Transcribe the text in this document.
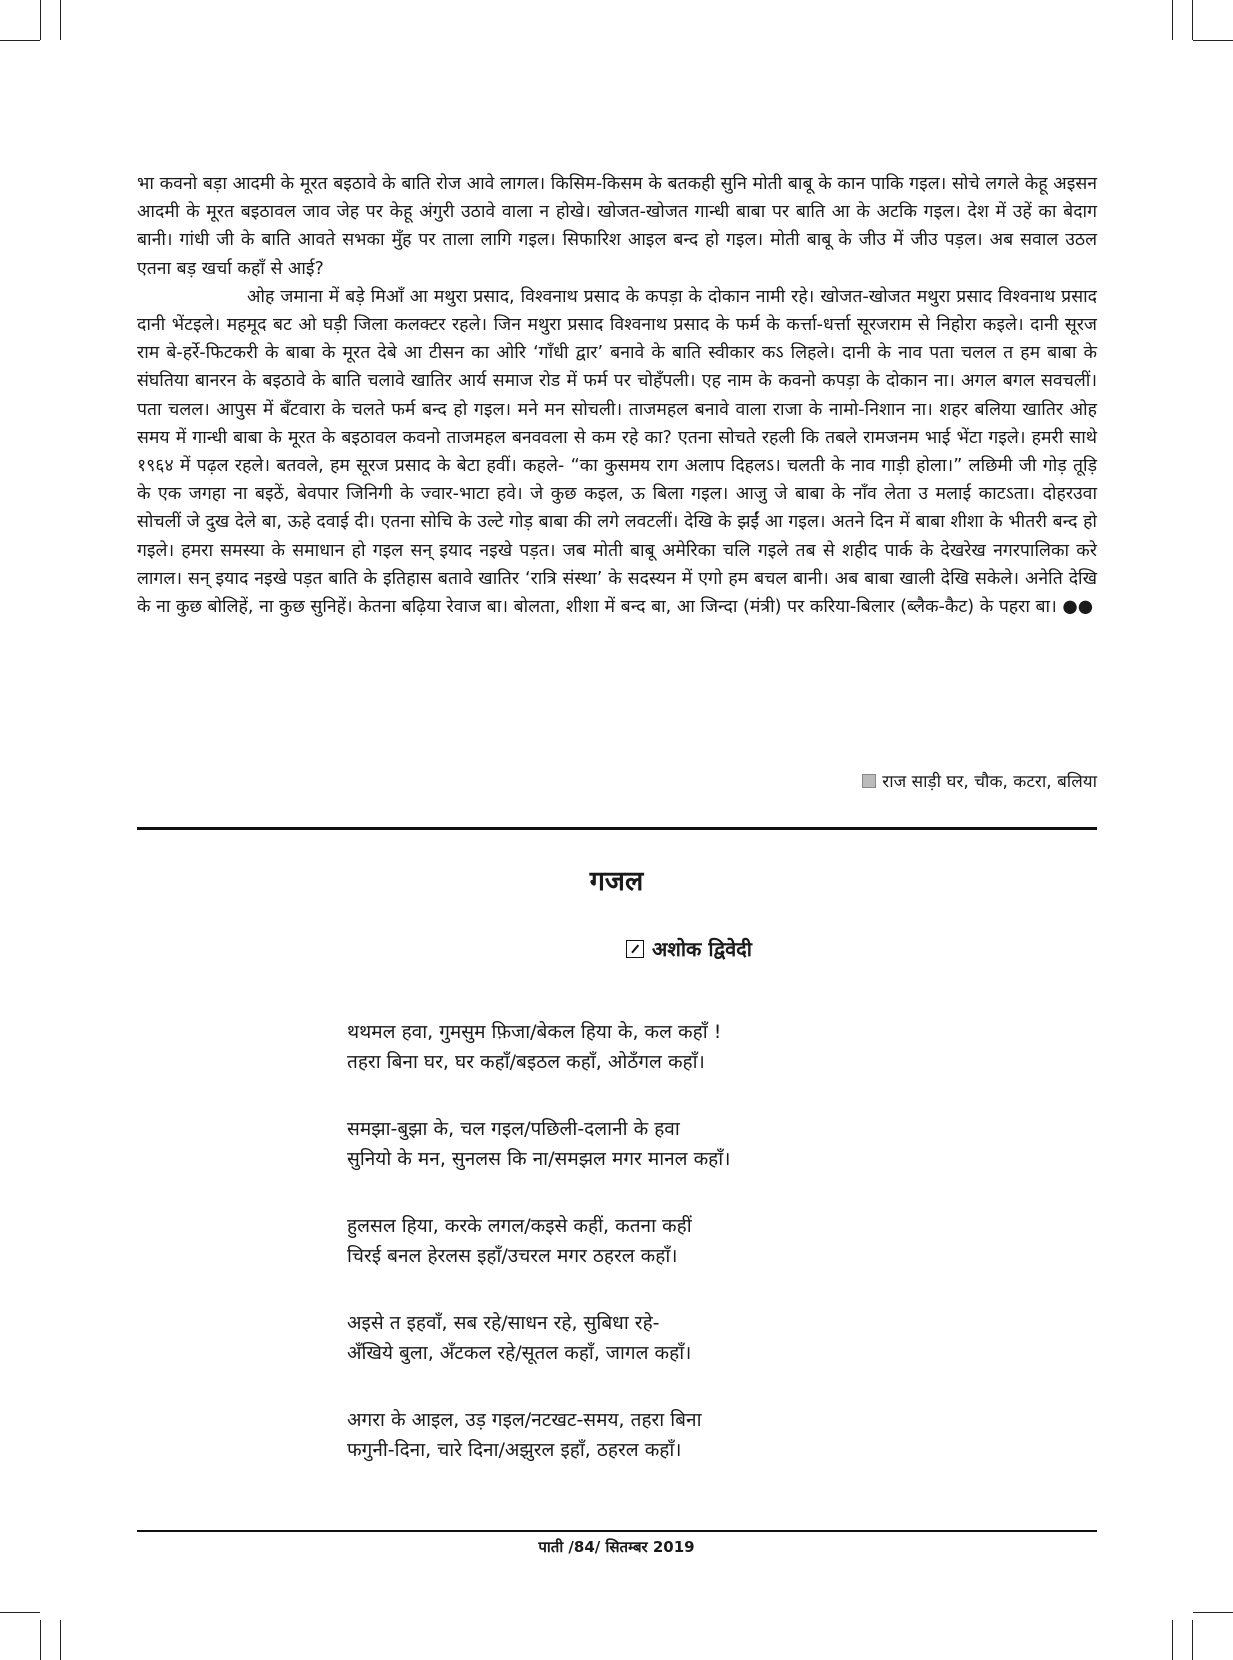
भा कवनो बड़ा आदमी के मूरत बइठावे के बाति रोज आवे लागल। किसिम-किसम के बतकही सुनि मोती बाबू के कान पाकि गइल। सोचे लगले केहू अइसन आदमी के मूरत बइठावल जाव जेह पर केहू अंगुरी उठावे वाला न होखे। खोजत-खोजत गान्धी बाबा पर बाति आ के अटकि गइल। देश में उहें का बेदाग बानी। गांधी जी के बाति आवते सभका मुँह पर ताला लागि गइल। सिफारिश आइल बन्द हो गइल। मोती बाबू के जीउ में जीउ पड़ल। अब सवाल उठल एतना बड़ खर्चा कहाँ से आई?

ओह जमाना में बड़े मिआँ आ मथुरा प्रसाद, विश्वनाथ प्रसाद के कपड़ा के दोकान नामी रहे। खोजत-खोजत मथुरा प्रसाद विश्वनाथ प्रसाद दानी भेंटइले। महमूद बट ओ घड़ी जिला कलक्टर रहले। जिन मथुरा प्रसाद विश्वनाथ प्रसाद के फर्म के कर्त्ता-धर्त्ता सूरजराम से निहोरा कइले। दानी सूरज राम बे-हर्रे-फिटकरी के बाबा के मूरत देबे आ टीसन का ओरि ‘गाँधी द्वार’ बनावे के बाति स्वीकार कऽ लिहले। दानी के नाव पता चलल त हम बाबा के संघतिया बानरन के बइठावे के बाति चलावे खातिर आर्य समाज रोड में फर्म पर चोहँपली। एह नाम के कवनो कपड़ा के दोकान ना। अगल बगल सवचलीं। पता चलल। आपुस में बँटवारा के चलते फर्म बन्द हो गइल। मने मन सोचली। ताजमहल बनावे वाला राजा के नामो-निशान ना। शहर बलिया खातिर ओह समय में गान्धी बाबा के मूरत के बइठावल कवनो ताजमहल बनववला से कम रहे का? एतना सोचते रहली कि तबले रामजनम भाई भेंटा गइले। हमरी साथे १९६४ में पढ़ल रहले। बतवले, हम सूरज प्रसाद के बेटा हवीं। कहले- “का कुसमय राग अलाप दिहलऽ। चलती के नाव गाड़ी होला।” लछिमी जी गोड़ तूड़ि के एक जगहा ना बइठें, बेवपार जिनिगी के ज्वार-भाटा हवे। जे कुछ कइल, ऊ बिला गइल। आजु जे बाबा के नाँव लेता उ मलाई काटऽता। दोहरउवा सोचलीं जे दुख देले बा, ऊहे दवाई दी। एतना सोचि के उल्टे गोड़ बाबा की लगे लवटलीं। देखि के झईं आ गइल। अतने दिन में बाबा शीशा के भीतरी बन्द हो गइले। हमरा समस्या के समाधान हो गइल सन् इयाद नइखे पड़त। जब मोती बाबू अमेरिका चलि गइले तब से शहीद पार्क के देखरेख नगरपालिका करे लागल। सन् इयाद नइखे पड़त बाति के इतिहास बतावे खातिर ‘रात्रि संस्था’ के सदस्यन में एगो हम बचल बानी। अब बाबा खाली देखि सकेले। अनेति देखि के ना कुछ बोलिहें, ना कुछ सुनिहें। केतना बढ़िया रेवाज बा। बोलता, शीशा में बन्द बा, आ जिन्दा (मंत्री) पर करिया-बिलार (ब्लैक-कैट) के पहरा बा। ●●

राज साड़ी घर, चौक, कटरा, बलिया
गजल
अशोक द्विवेदी
थथमल हवा, गुमसुम फ़िजा/बेकल हिया के, कल कहाँ !
तहरा बिना घर, घर कहाँ/बइठल कहाँ, ओठँगल कहाँ।
समझा-बुझा के, चल गइल/पछिली-दलानी के हवा
सुनियो के मन, सुनलस कि ना/समझल मगर मानल कहाँ।
हुलसल हिया, करके लगल/कइसे कहीं, कतना कहीं
चिरई बनल हेरलस इहाँ/उचरल मगर ठहरल कहाँ।
अइसे त इहवाँ, सब रहे/साधन रहे, सुबिधा रहे-
अँखिये बुला, अँटकल रहे/सूतल कहाँ, जागल कहाँ।
अगरा के आइल, उड़ गइल/नटखट-समय, तहरा बिना
फगुनी-दिना, चारे दिना/अझुरल इहाँ, ठहरल कहाँ।
पाती /84/ सितम्बर 2019
